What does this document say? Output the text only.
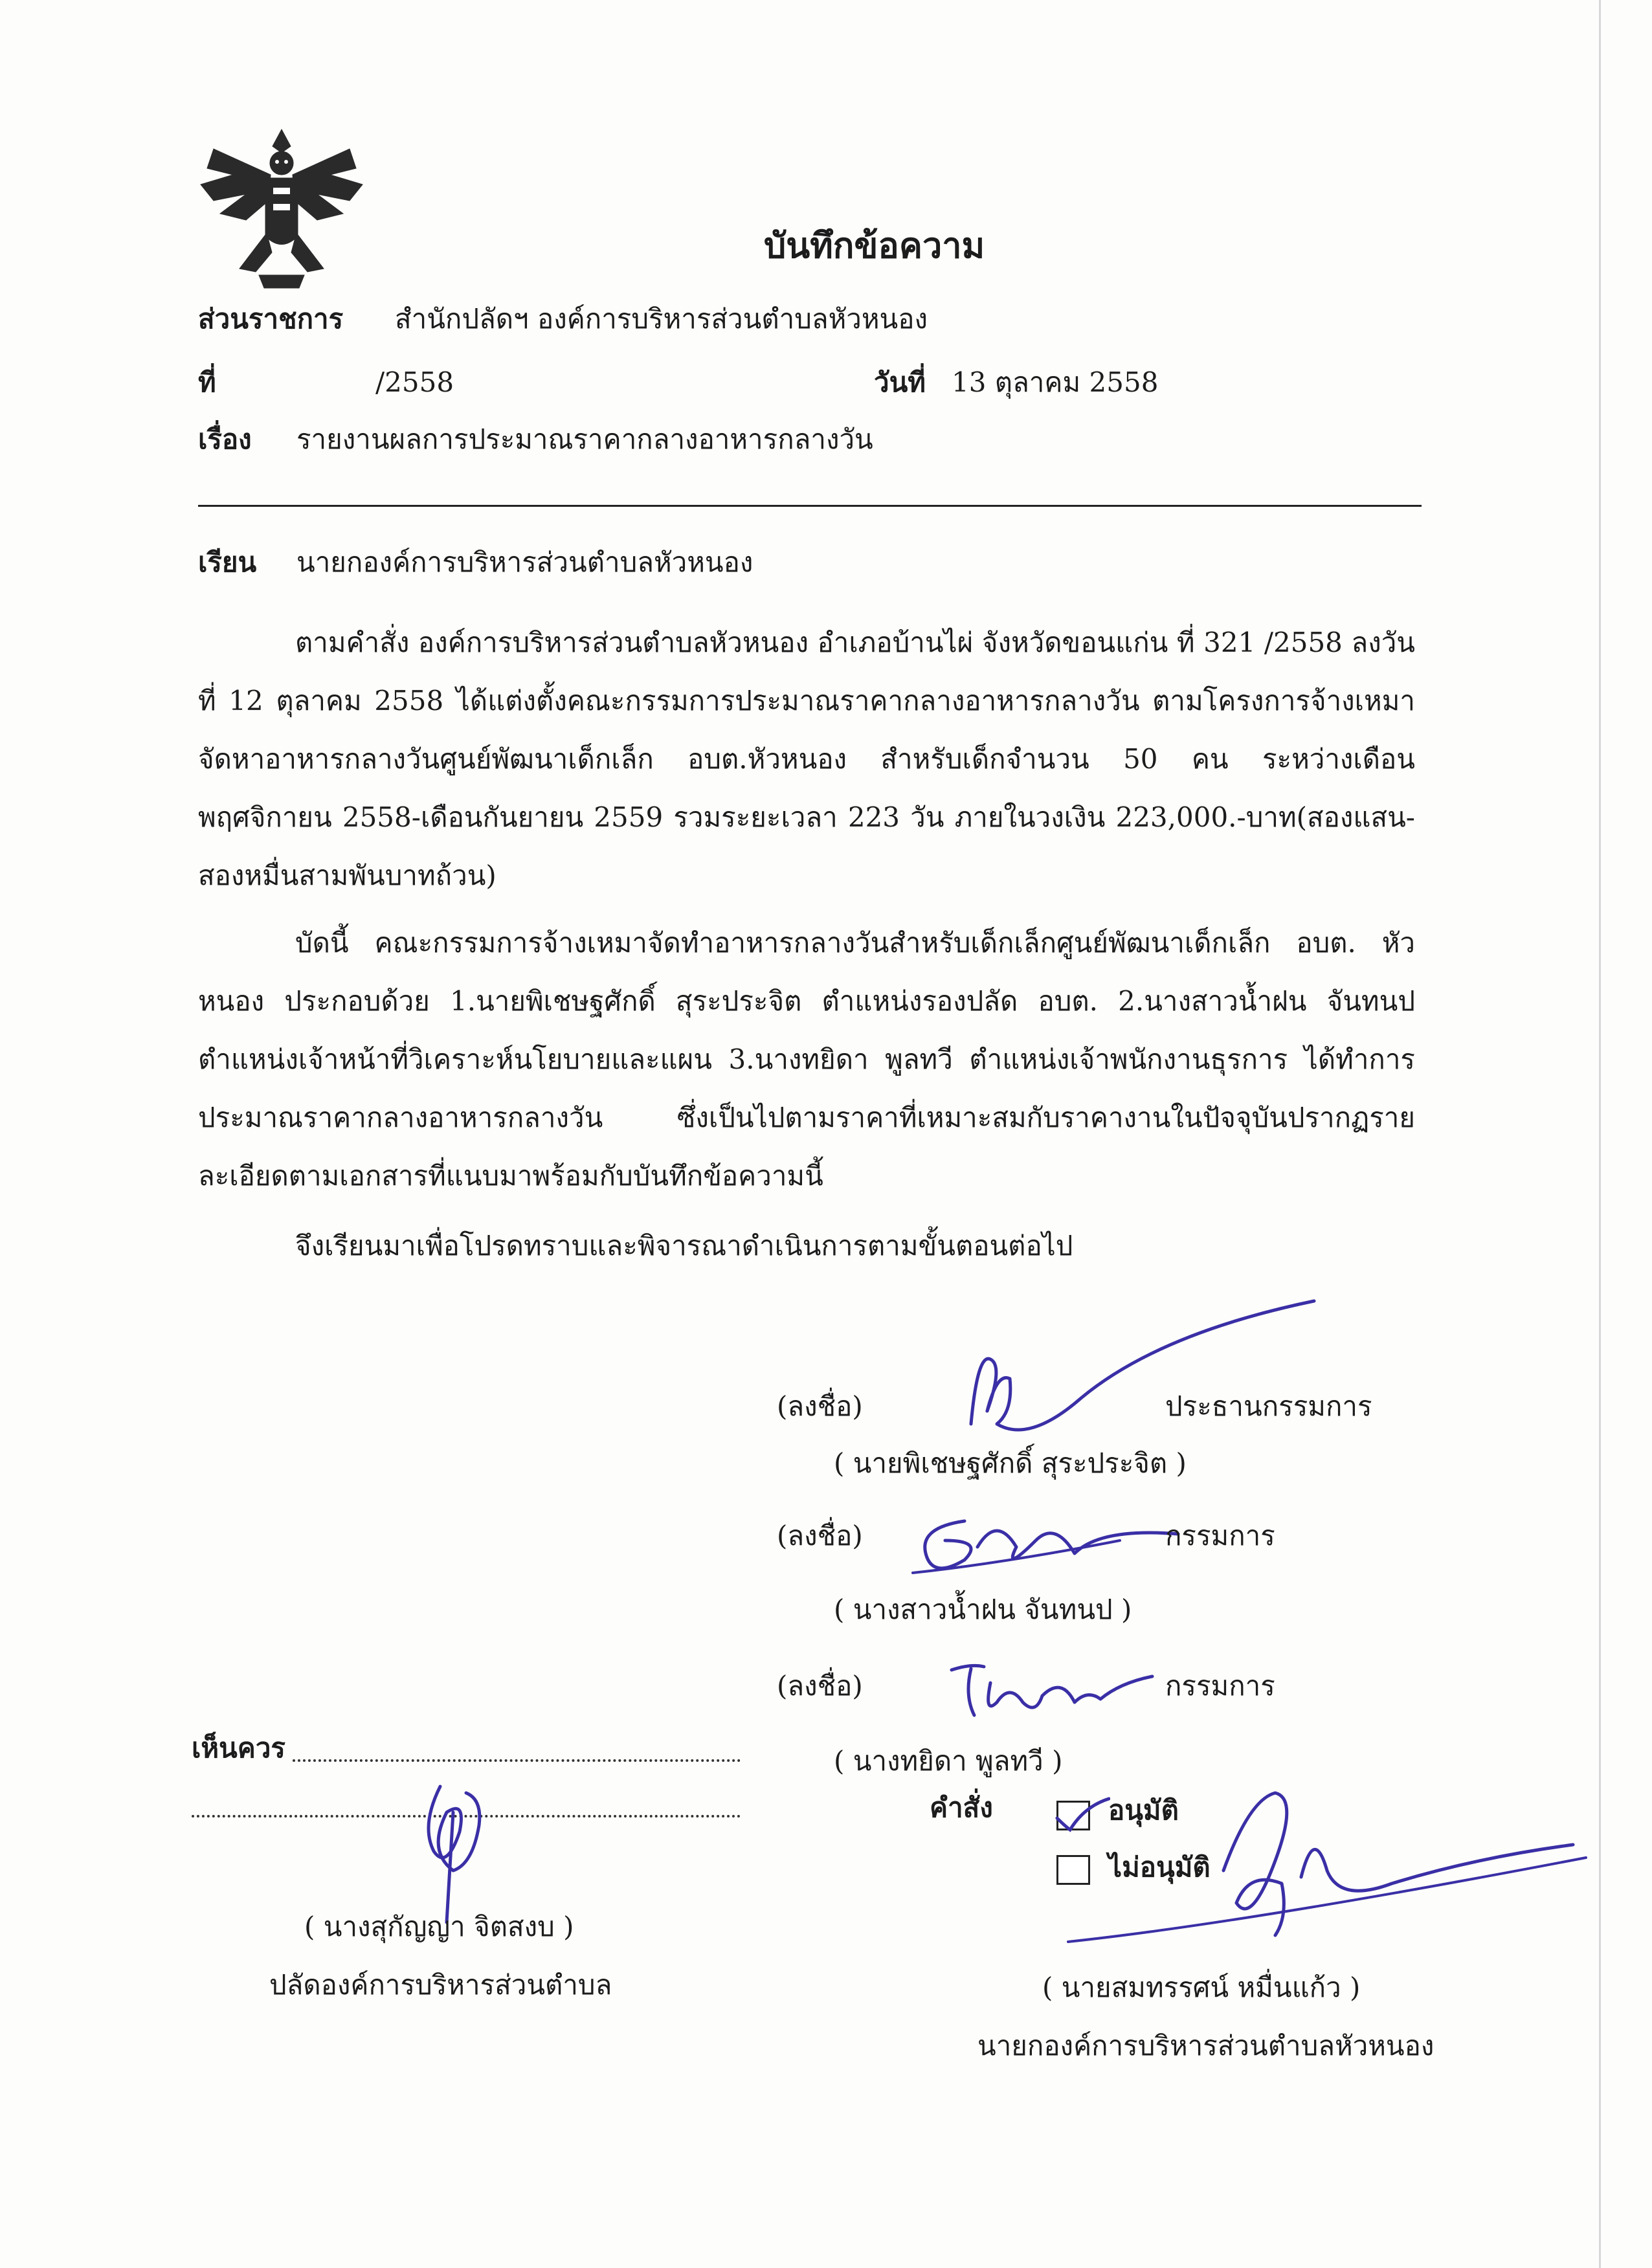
บันทึกข้อความ
ส่วนราชการ สำนักปลัดฯ องค์การบริหารส่วนตำบลหัวหนอง
ที่	/2558	วันที่ 13 ตุลาคม 2558
เรื่อง รายงานผลการประมาณราคากลางอาหารกลางวัน
เรียน นายกองค์การบริหารส่วนตำบลหัวหนอง
ตามคำสั่ง องค์การบริหารส่วนตำบลหัวหนอง อำเภอบ้านไผ่ จังหวัดขอนแก่น ที่ 321 /2558 ลงวันที่ 12 ตุลาคม 2558 ได้แต่งตั้งคณะกรรมการประมาณราคากลางอาหารกลางวัน ตามโครงการจ้างเหมาจัดหาอาหารกลางวันศูนย์พัฒนาเด็กเล็ก อบต.หัวหนอง สำหรับเด็กจำนวน 50 คน ระหว่างเดือนพฤศจิกายน 2558-เดือนกันยายน 2559 รวมระยะเวลา 223 วัน ภายในวงเงิน 223,000.-บาท(สองแสน-สองหมื่นสามพันบาทถ้วน)
บัดนี้ คณะกรรมการจ้างเหมาจัดทำอาหารกลางวันสำหรับเด็กเล็กศูนย์พัฒนาเด็กเล็ก อบต. หัวหนอง ประกอบด้วย 1.นายพิเชษฐศักดิ์ สุระประจิต ตำแหน่งรองปลัด อบต. 2.นางสาวน้ำฝน จันทนป ตำแหน่งเจ้าหน้าที่วิเคราะห์นโยบายและแผน 3.นางทยิดา พูลทวี ตำแหน่งเจ้าพนักงานธุรการ ได้ทำการประมาณราคากลางอาหารกลางวัน ซึ่งเป็นไปตามราคาที่เหมาะสมกับราคางานในปัจจุบันปรากฏรายละเอียดตามเอกสารที่แนบมาพร้อมกับบันทึกข้อความนี้
จึงเรียนมาเพื่อโปรดทราบและพิจารณาดำเนินการตามขั้นตอนต่อไป
(ลงชื่อ)	ประธานกรรมการ
( นายพิเชษฐศักดิ์ สุระประจิต )
(ลงชื่อ)	กรรมการ
( นางสาวน้ำฝน จันทนป )
(ลงชื่อ)	กรรมการ
( นางทยิดา พูลทวี )
เห็นควร
( นางสุกัญญา จิตสงบ )
ปลัดองค์การบริหารส่วนตำบล
คำสั่ง	อนุมัติ
ไม่อนุมัติ
( นายสมทรรศน์ หมื่นแก้ว )
นายกองค์การบริหารส่วนตำบลหัวหนอง
